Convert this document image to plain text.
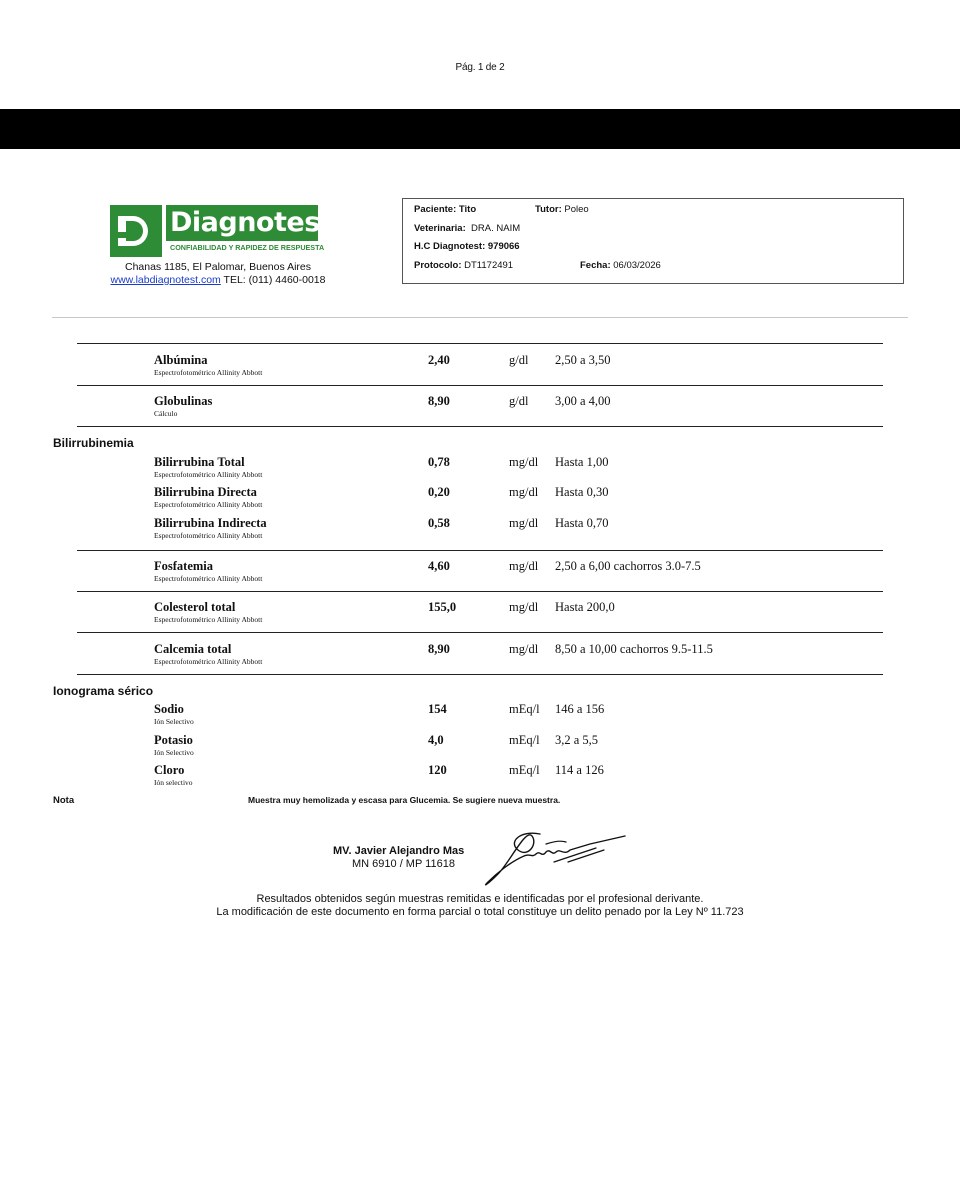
Pág. 1 de 2
Diagnotest
CONFIABILIDAD Y RAPIDEZ DE RESPUESTA
Chanas 1185, El Palomar, Buenos Aires
www.labdiagnotest.com TEL: (011) 4460-0018
Paciente: Tito	Tutor: Poleo
Veterinaria: DRA. NAIM
H.C Diagnotest: 979066
Protocolo: DT1172491	Fecha: 06/03/2026
Albúmina
Espectrofotométrico Allinity Abbott
2,40	g/dl 2,50 a 3,50
Globulinas
Cálculo
8,90	g/dl 3,00 a 4,00
Bilirrubinemia
Bilirrubina Total
Espectrofotométrico Allinity Abbott
0,78	mg/dl Hasta 1,00
Bilirrubina Directa
Espectrofotométrico Allinity Abbott
0,20	mg/dl Hasta 0,30
Bilirrubina Indirecta
Espectrofotométrico Allinity Abbott
0,58	mg/dl Hasta 0,70
Fosfatemia
Espectrofotométrico Allinity Abbott
4,60	mg/dl 2,50 a 6,00 cachorros 3.0-7.5
Colesterol total
Espectrofotométrico Allinity Abbott
155,0	mg/dl Hasta 200,0
Calcemia total
Espectrofotométrico Allinity Abbott
8,90	mg/dl 8,50 a 10,00 cachorros 9.5-11.5
Ionograma sérico
Sodio
Ión Selectivo
154	mEq/l 146 a 156
Potasio
Ión Selectivo
4,0	mEq/l 3,2 a 5,5
Cloro
Ión selectivo
120	mEq/l 114 a 126
Nota	Muestra muy hemolizada y escasa para Glucemia. Se sugiere nueva muestra.
MV. Javier Alejandro Mas
MN 6910 / MP 11618
Resultados obtenidos según muestras remitidas e identificadas por el profesional derivante.
La modificación de este documento en forma parcial o total constituye un delito penado por la Ley Nº 11.723
